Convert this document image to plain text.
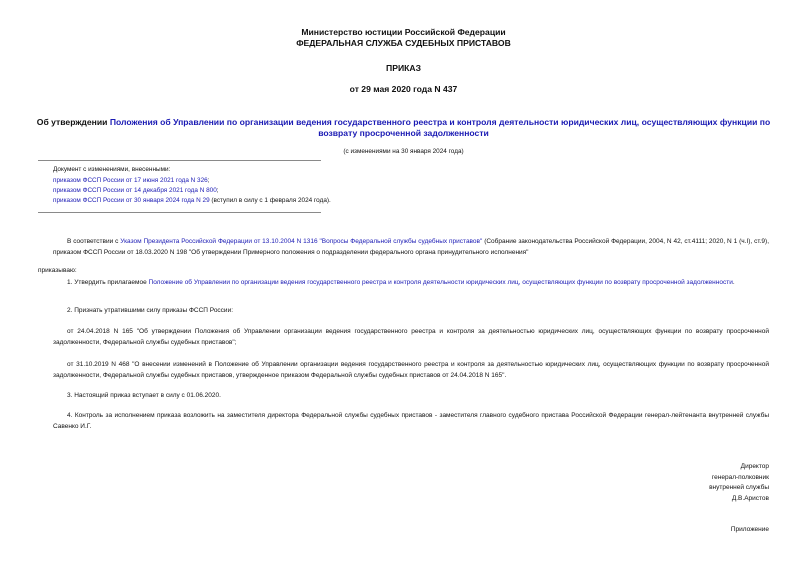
Министерство юстиции Российской Федерации
ФЕДЕРАЛЬНАЯ СЛУЖБА СУДЕБНЫХ ПРИСТАВОВ
ПРИКАЗ
от 29 мая 2020 года N 437
Об утверждении Положения об Управлении по организации ведения государственного реестра и контроля деятельности юридических лиц, осуществляющих функции по возврату просроченной задолженности
(с изменениями на 30 января 2024 года)
Документ с изменениями, внесенными:
приказом ФССП России от 17 июня 2021 года N 326;
приказом ФССП России от 14 декабря 2021 года N 800;
приказом ФССП России от 30 января 2024 года N 29 (вступил в силу с 1 февраля 2024 года).
В соответствии с Указом Президента Российской Федерации от 13.10.2004 N 1316 "Вопросы Федеральной службы судебных приставов" (Собрание законодательства Российской Федерации, 2004, N 42, ст.4111; 2020, N 1 (ч.I), ст.9), приказом ФССП России от 18.03.2020 N 198 "Об утверждении Примерного положения о подразделении федерального органа принудительного исполнения"
приказываю:
1. Утвердить прилагаемое Положение об Управлении по организации ведения государственного реестра и контроля деятельности юридических лиц, осуществляющих функции по возврату просроченной задолженности.
2. Признать утратившими силу приказы ФССП России:
от 24.04.2018 N 165 "Об утверждении Положения об Управлении организации ведения государственного реестра и контроля за деятельностью юридических лиц, осуществляющих функции по возврату просроченной задолженности, Федеральной службы судебных приставов";
от 31.10.2019 N 468 "О внесении изменений в Положение об Управлении организации ведения государственного реестра и контроля за деятельностью юридических лиц, осуществляющих функции по возврату просроченной задолженности, Федеральной службы судебных приставов, утвержденное приказом Федеральной службы судебных приставов от 24.04.2018 N 165".
3. Настоящий приказ вступает в силу с 01.06.2020.
4. Контроль за исполнением приказа возложить на заместителя директора Федеральной службы судебных приставов - заместителя главного судебного пристава Российской Федерации генерал-лейтенанта внутренней службы Савенко И.Г.
Директор
генерал-полковник
внутренней службы
Д.В.Аристов
Приложение
